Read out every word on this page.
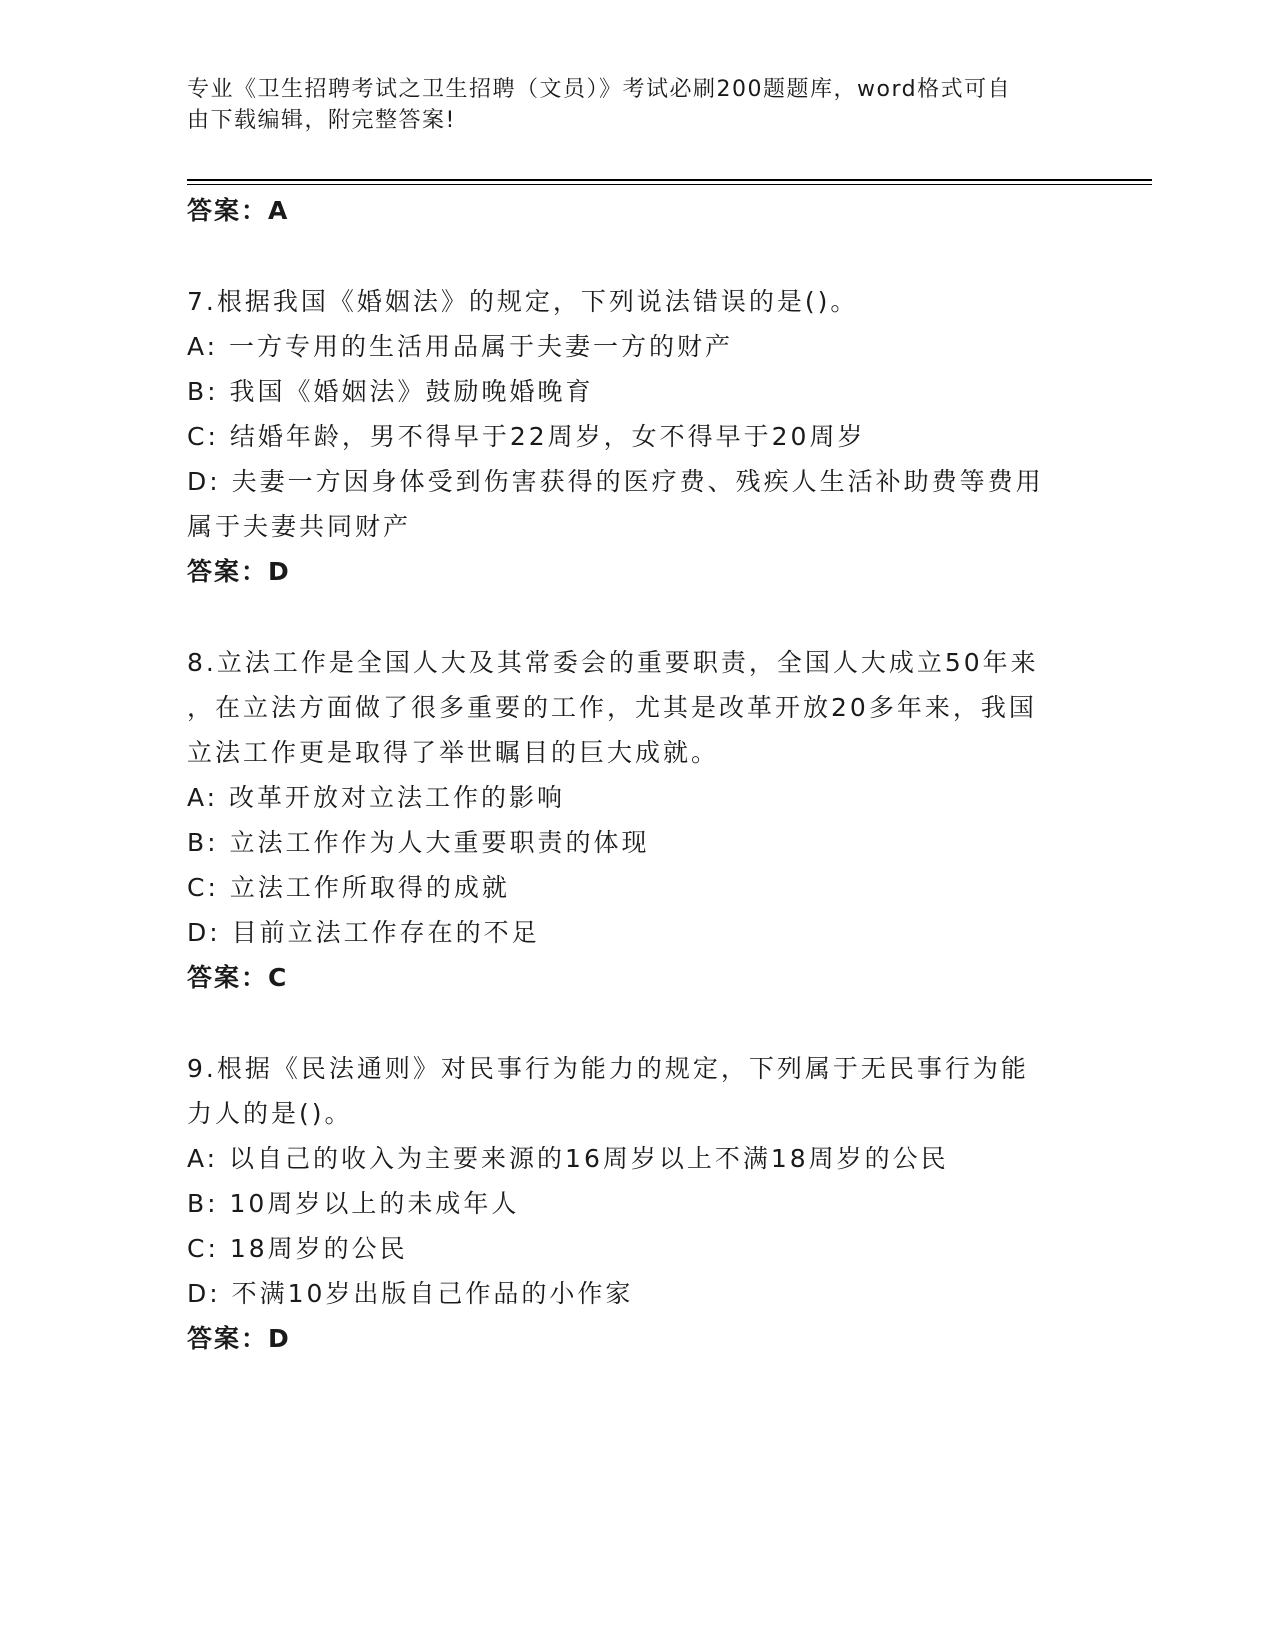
专业《卫生招聘考试之卫生招聘（文员）》考试必刷200题题库，word格式可自
由下载编辑，附完整答案!

答案：A

7.根据我国《婚姻法》的规定，下列说法错误的是()。

A: 一方专用的生活用品属于夫妻一方的财产

B: 我国《婚姻法》鼓励晚婚晚育

C: 结婚年龄，男不得早于22周岁，女不得早于20周岁

D: 夫妻一方因身体受到伤害获得的医疗费、残疾人生活补助费等费用

属于夫妻共同财产

答案：D

8.立法工作是全国人大及其常委会的重要职责，全国人大成立50年来

，在立法方面做了很多重要的工作，尤其是改革开放20多年来，我国

立法工作更是取得了举世瞩目的巨大成就。

A: 改革开放对立法工作的影响

B: 立法工作作为人大重要职责的体现

C: 立法工作所取得的成就

D: 目前立法工作存在的不足

答案：C

9.根据《民法通则》对民事行为能力的规定，下列属于无民事行为能

力人的是()。

A: 以自己的收入为主要来源的16周岁以上不满18周岁的公民

B: 10周岁以上的未成年人

C: 18周岁的公民

D: 不满10岁出版自己作品的小作家

答案：D
